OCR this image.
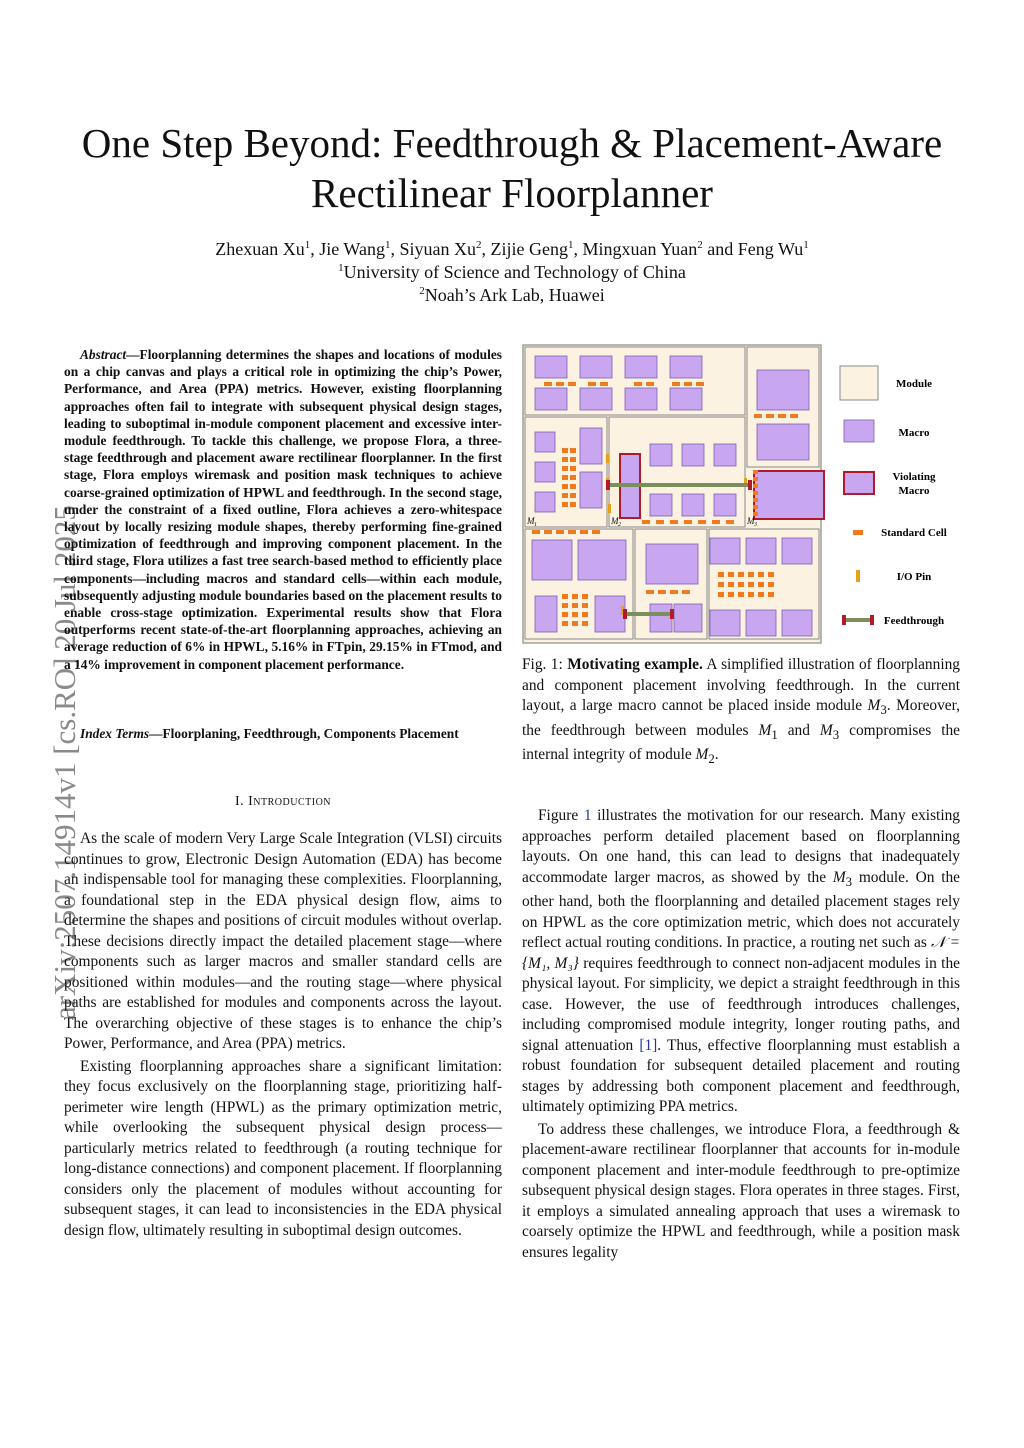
One Step Beyond: Feedthrough & Placement-Aware
Rectilinear Floorplanner
Zhexuan Xu$^1$, Jie Wang$^1$, Siyuan Xu$^2$, Zijie Geng$^1$, Mingxuan Yuan$^2$ and Feng Wu$^1$
$^1$University of Science and Technology of China
$^2$Noah’s Ark Lab, Huawei
arXiv:2507.14914v1 [cs.RO] 20 Jul 2025
Abstract—Floorplanning determines the shapes and locations of modules on a chip canvas and plays a critical role in optimizing the chip’s Power, Performance, and Area (PPA) metrics. However, existing floorplanning approaches often fail to integrate with subsequent physical design stages, leading to suboptimal in-module component placement and excessive inter-module feedthrough. To tackle this challenge, we propose Flora, a three-stage feedthrough and placement aware rectilinear floorplanner. In the first stage, Flora employs wiremask and position mask techniques to achieve coarse-grained optimization of HPWL and feedthrough. In the second stage, under the constraint of a fixed outline, Flora achieves a zero-whitespace layout by locally resizing module shapes, thereby performing fine-grained optimization of feedthrough and improving component placement. In the third stage, Flora utilizes a fast tree search-based method to efficiently place components—including macros and standard cells—within each module, subsequently adjusting module boundaries based on the placement results to enable cross-stage optimization. Experimental results show that Flora outperforms recent state-of-the-art floorplanning approaches, achieving an average reduction of 6% in HPWL, 5.16% in FTpin, 29.15% in FTmod, and a 14% improvement in component placement performance.
Index Terms—Floorplaning, Feedthrough, Components Placement
I. Introduction

As the scale of modern Very Large Scale Integration (VLSI) circuits continues to grow, Electronic Design Automation (EDA) has become an indispensable tool for managing these complexities. Floorplanning, a foundational step in the EDA physical design flow, aims to determine the shapes and positions of circuit modules without overlap. These decisions directly impact the detailed placement stage—where components such as larger macros and smaller standard cells are positioned within modules—and the routing stage—where physical paths are established for modules and components across the layout. The overarching objective of these stages is to enhance the chip’s Power, Performance, and Area (PPA) metrics.

Existing floorplanning approaches share a significant limitation: they focus exclusively on the floorplanning stage, prioritizing half-perimeter wire length (HPWL) as the primary optimization metric, while overlooking the subsequent physical design process—particularly metrics related to feedthrough (a routing technique for long-distance connections) and component placement. If floorplanning considers only the placement of modules without accounting for subsequent stages, it can lead to inconsistencies in the EDA physical design flow, ultimately resulting in suboptimal design outcomes.

M 1	M 2	M 3
Module
Macro
Violating
Macro
Standard Cell
I/O Pin
Feedthrough
Fig. 1: Motivating example. A simplified illustration of floorplanning and component placement involving feedthrough. In the current layout, a large macro cannot be placed inside module $M_3$. Moreover, the feedthrough between modules $M_1$ and $M_3$ compromises the internal integrity of module $M_2$.

Figure 1 illustrates the motivation for our research. Many existing approaches perform detailed placement based on floorplanning layouts. On one hand, this can lead to designs that inadequately accommodate larger macros, as showed by the $M_3$ module. On the other hand, both the floorplanning and detailed placement stages rely on HPWL as the core optimization metric, which does not accurately reflect actual routing conditions. In practice, a routing net such as 𝒩 = {M₁, M₃} requires feedthrough to connect non-adjacent modules in the physical layout. For simplicity, we depict a straight feedthrough in this case. However, the use of feedthrough introduces challenges, including compromised module integrity, longer routing paths, and signal attenuation [1]. Thus, effective floorplanning must establish a robust foundation for subsequent detailed placement and routing stages by addressing both component placement and feedthrough, ultimately optimizing PPA metrics.

To address these challenges, we introduce Flora, a feedthrough & placement-aware rectilinear floorplanner that accounts for in-module component placement and inter-module feedthrough to pre-optimize subsequent physical design stages. Flora operates in three stages. First, it employs a simulated annealing approach that uses a wiremask to coarsely optimize the HPWL and feedthrough, while a position mask ensures legality
